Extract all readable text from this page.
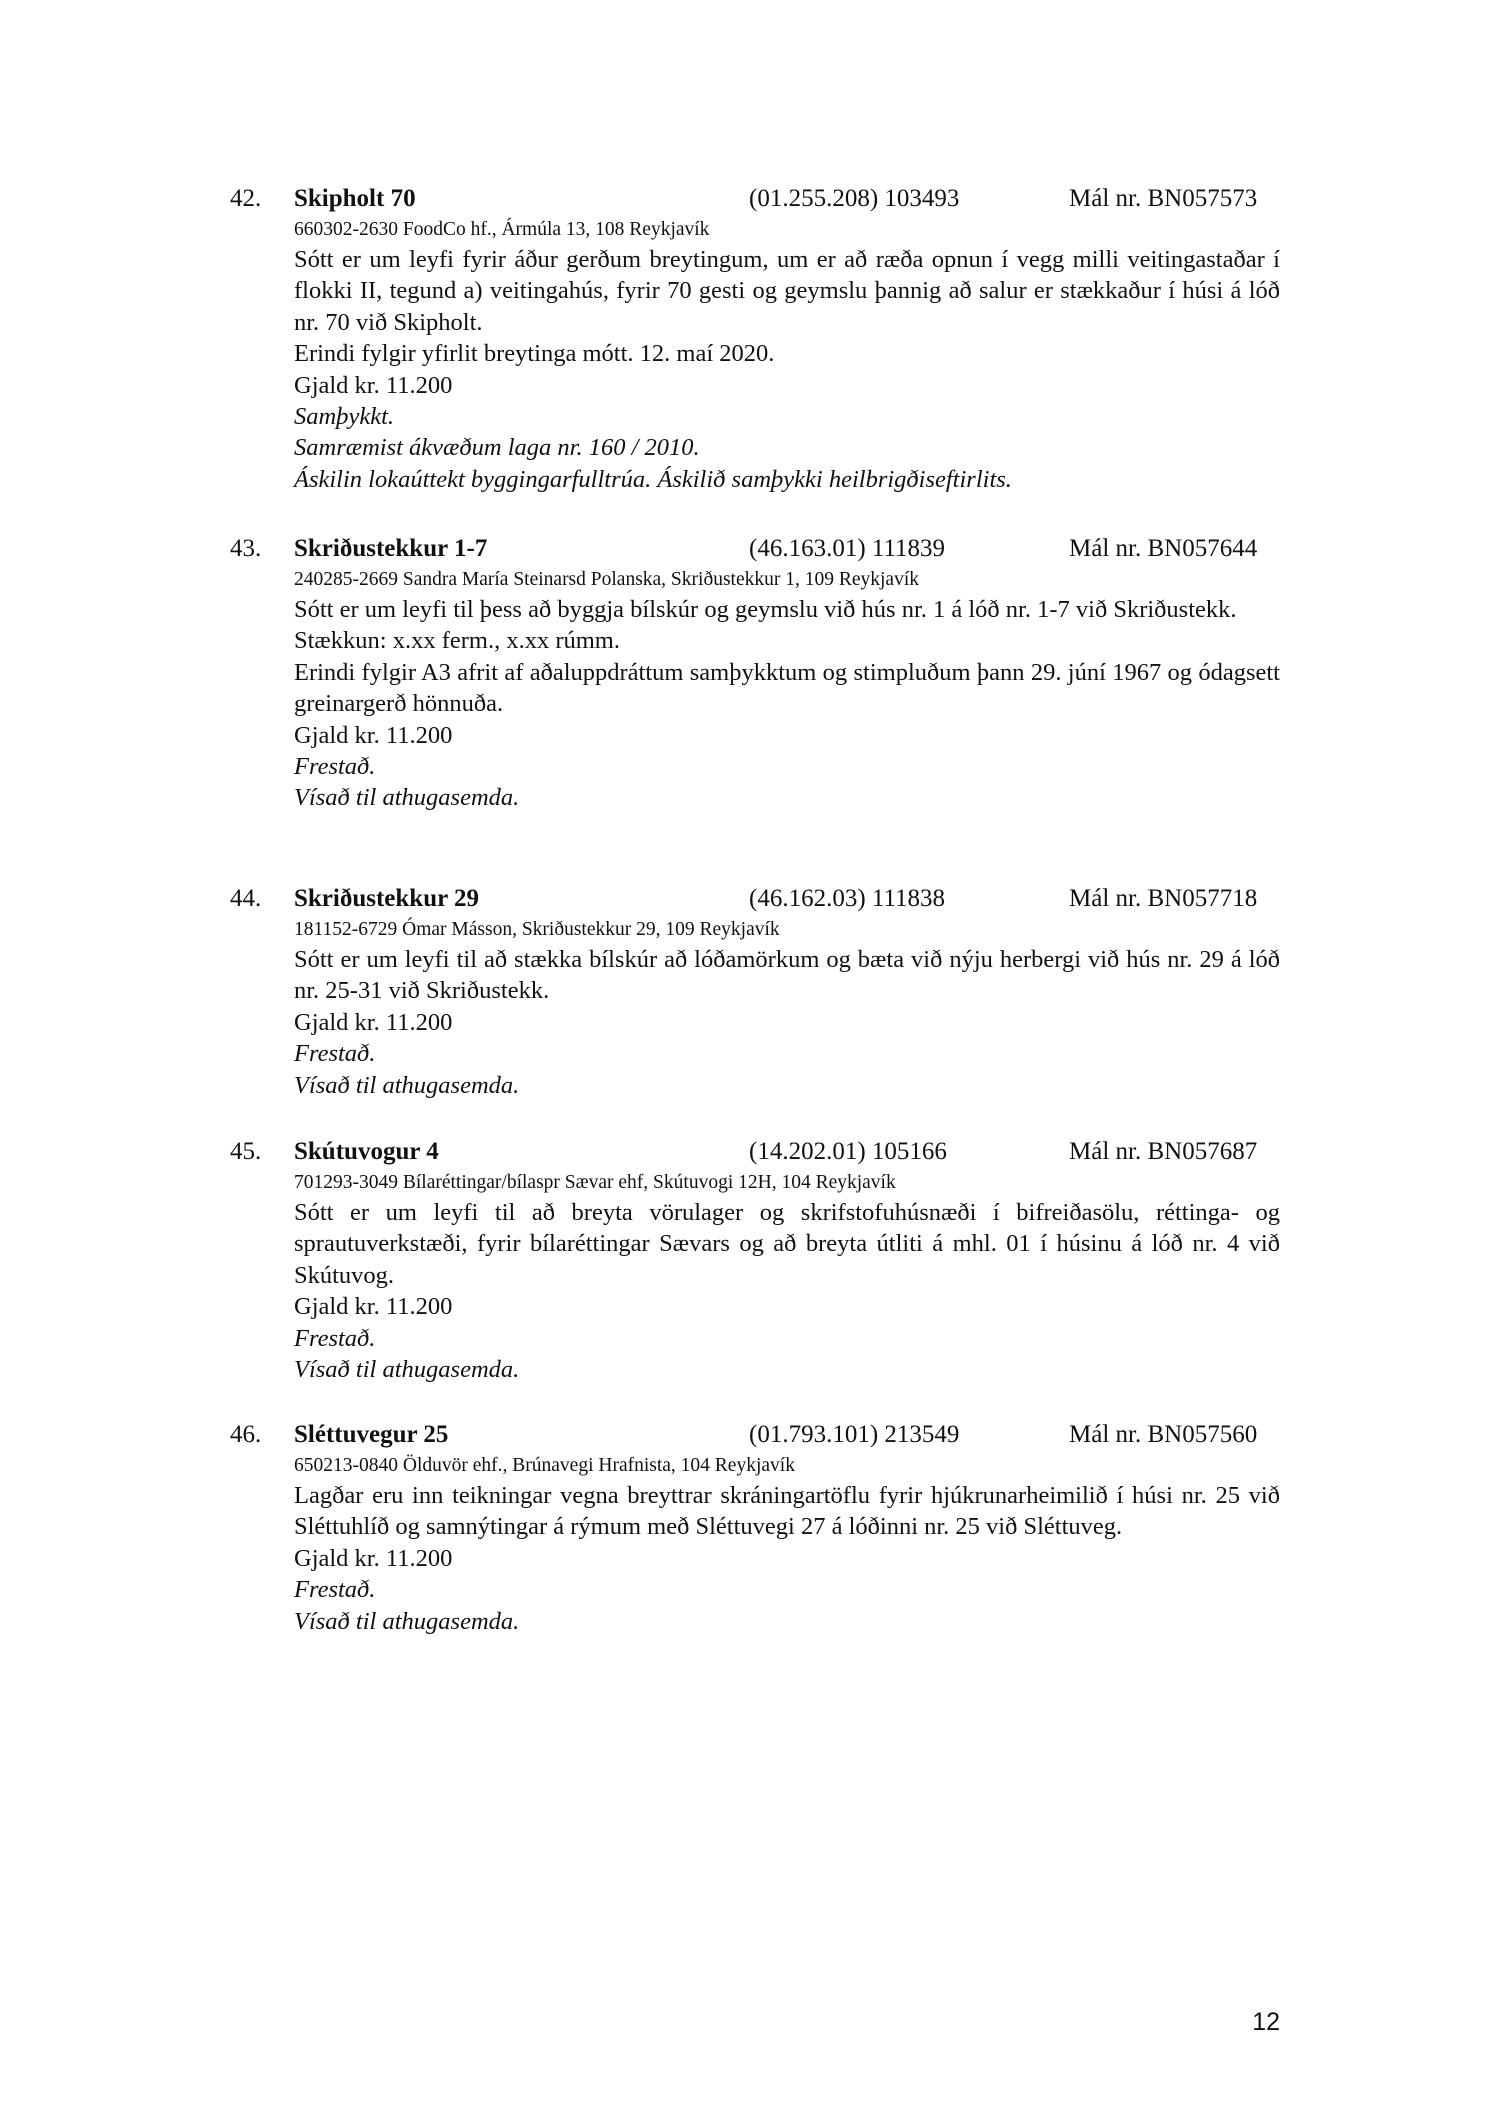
42. Skipholt 70	(01.255.208) 103493	Mál nr. BN057573
660302-2630 FoodCo hf., Ármúla 13, 108 Reykjavík
Sótt er um leyfi fyrir áður gerðum breytingum, um er að ræða opnun í vegg milli veitingastaðar í flokki II, tegund a) veitingahús, fyrir 70 gesti og geymslu þannig að salur er stækkaður í húsi á lóð nr. 70 við Skipholt.
Erindi fylgir yfirlit breytinga mótt. 12. maí 2020.
Gjald kr. 11.200
Samþykkt.
Samræmist ákvæðum laga nr. 160 / 2010.
Áskilin lokaúttekt byggingarfulltrúa. Áskilið samþykki heilbrigðiseftirlits.
43. Skriðustekkur 1-7	(46.163.01) 111839	Mál nr. BN057644
240285-2669 Sandra María Steinarsd Polanska, Skriðustekkur 1, 109 Reykjavík
Sótt er um leyfi til þess að byggja bílskúr og geymslu við hús nr. 1 á lóð nr. 1-7 við Skriðustekk.
Stækkun: x.xx ferm., x.xx rúmm.
Erindi fylgir A3 afrit af aðaluppdráttum samþykktum og stimpluðum þann 29. júní 1967 og ódagsett greinargerð hönnuða.
Gjald kr. 11.200
Frestað.
Vísað til athugasemda.
44. Skriðustekkur 29	(46.162.03) 111838	Mál nr. BN057718
181152-6729 Ómar Másson, Skriðustekkur 29, 109 Reykjavík
Sótt er um leyfi til að stækka bílskúr að lóðamörkum og bæta við nýju herbergi við hús nr. 29 á lóð nr. 25-31 við Skriðustekk.
Gjald kr. 11.200
Frestað.
Vísað til athugasemda.
45. Skútuvogur 4	(14.202.01) 105166	Mál nr. BN057687
701293-3049 Bílaréttingar/bílaspr Sævar ehf, Skútuvogi 12H, 104 Reykjavík
Sótt er um leyfi til að breyta vörulager og skrifstofuhúsnæði í bifreiðasölu, réttinga- og sprautuverkstæði, fyrir bílaréttingar Sævars og að breyta útliti á mhl. 01 í húsinu á lóð nr. 4 við Skútuvog.
Gjald kr. 11.200
Frestað.
Vísað til athugasemda.
46. Sléttuvegur 25	(01.793.101) 213549	Mál nr. BN057560
650213-0840 Ölduvör ehf., Brúnavegi Hrafnista, 104 Reykjavík
Lagðar eru inn teikningar vegna breyttrar skráningartöflu fyrir hjúkrunarheimilið í húsi nr. 25 við Sléttuhlíð og samnýtingar á rýmum með Sléttuvegi 27 á lóðinni nr. 25 við Sléttuveg.
Gjald kr. 11.200
Frestað.
Vísað til athugasemda.
12
